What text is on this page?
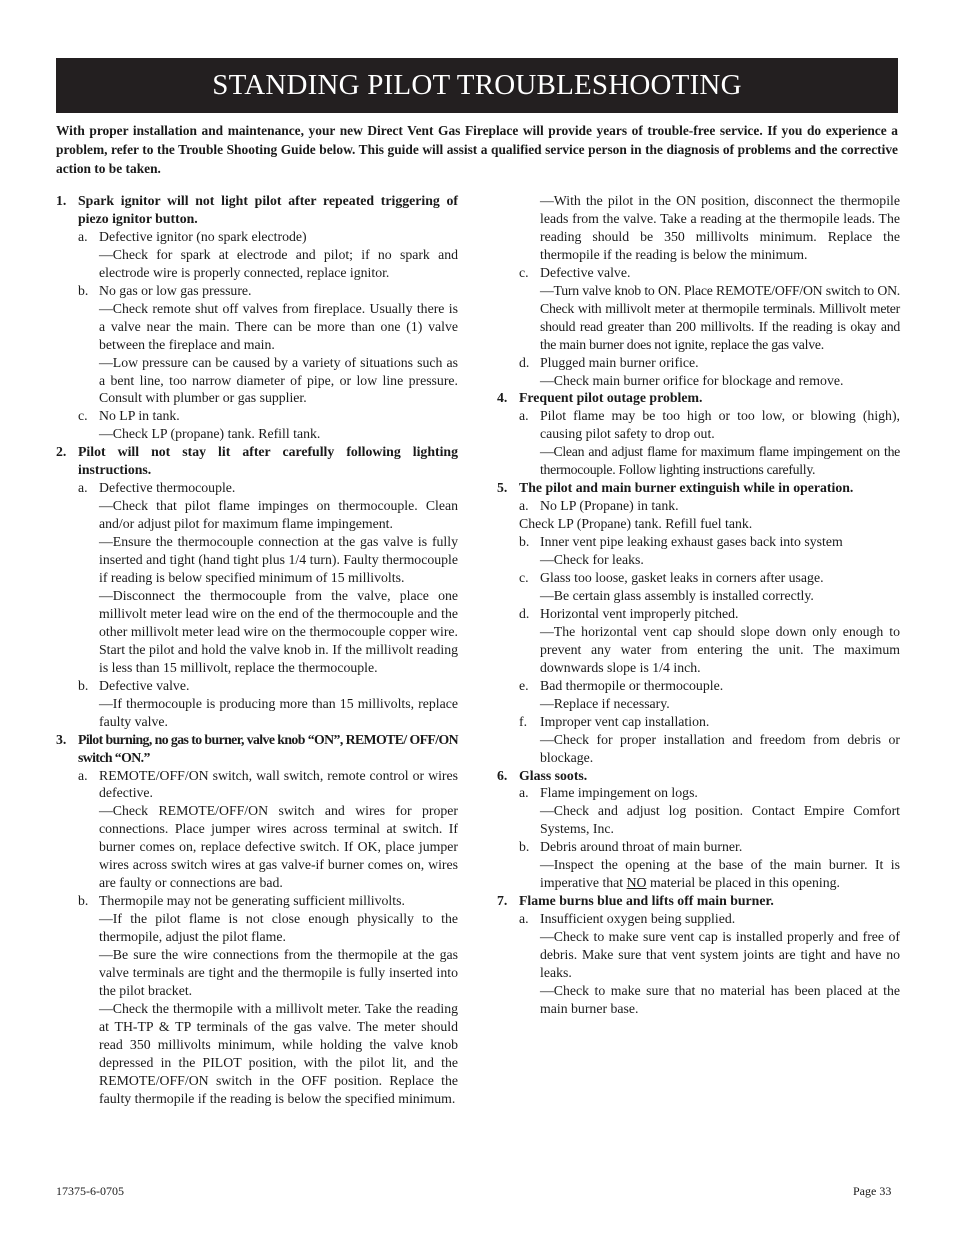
STANDING PILOT TROUBLESHOOTING
With proper installation and maintenance, your new Direct Vent Gas Fireplace will provide years of trouble-free service. If you do experience a problem, refer to the Trouble Shooting Guide below. This guide will assist a qualified service person in the diagnosis of problems and the corrective action to be taken.
1. Spark ignitor will not light pilot after repeated triggering of piezo ignitor button.
a. Defective ignitor (no spark electrode)
—Check for spark at electrode and pilot; if no spark and electrode wire is properly connected, replace ignitor.
b. No gas or low gas pressure.
—Check remote shut off valves from fireplace. Usually there is a valve near the main. There can be more than one (1) valve between the fireplace and main.
—Low pressure can be caused by a variety of situations such as a bent line, too narrow diameter of pipe, or low line pressure. Consult with plumber or gas supplier.
c. No LP in tank.
—Check LP (propane) tank. Refill tank.
2. Pilot will not stay lit after carefully following lighting instructions.
a. Defective thermocouple.
—Check that pilot flame impinges on thermocouple. Clean and/or adjust pilot for maximum flame impingement.
—Ensure the thermocouple connection at the gas valve is fully inserted and tight (hand tight plus 1/4 turn). Faulty thermocouple if reading is below specified minimum of 15 millivolts.
—Disconnect the thermocouple from the valve, place one millivolt meter lead wire on the end of the thermocouple and the other millivolt meter lead wire on the thermocouple copper wire. Start the pilot and hold the valve knob in. If the millivolt reading is less than 15 millivolt, replace the thermocouple.
b. Defective valve.
—If thermocouple is producing more than 15 millivolts, replace faulty valve.
3. Pilot burning, no gas to burner, valve knob “ON”, REMOTE/ OFF/ON switch “ON.”
a. REMOTE/OFF/ON switch, wall switch, remote control or wires defective.
—Check REMOTE/OFF/ON switch and wires for proper connections. Place jumper wires across terminal at switch. If burner comes on, replace defective switch. If OK, place jumper wires across switch wires at gas valve-if burner comes on, wires are faulty or connections are bad.
b. Thermopile may not be generating sufficient millivolts.
—If the pilot flame is not close enough physically to the thermopile, adjust the pilot flame.
—Be sure the wire connections from the thermopile at the gas valve terminals are tight and the thermopile is fully inserted into the pilot bracket.
—Check the thermopile with a millivolt meter. Take the reading at TH-TP & TP terminals of the gas valve. The meter should read 350 millivolts minimum, while holding the valve knob depressed in the PILOT position, with the pilot lit, and the REMOTE/OFF/ON switch in the OFF position. Replace the faulty thermopile if the reading is below the specified minimum.
—With the pilot in the ON position, disconnect the thermopile leads from the valve. Take a reading at the thermopile leads. The reading should be 350 millivolts minimum. Replace the thermopile if the reading is below the minimum.
c. Defective valve.
—Turn valve knob to ON. Place REMOTE/OFF/ON switch to ON. Check with millivolt meter at thermopile terminals. Millivolt meter should read greater than 200 millivolts. If the reading is okay and the main burner does not ignite, replace the gas valve.
d. Plugged main burner orifice.
—Check main burner orifice for blockage and remove.
4. Frequent pilot outage problem.
a. Pilot flame may be too high or too low, or blowing (high), causing pilot safety to drop out.
—Clean and adjust flame for maximum flame impingement on the thermocouple. Follow lighting instructions carefully.
5. The pilot and main burner extinguish while in operation.
a. No LP (Propane) in tank.
Check LP (Propane) tank. Refill fuel tank.
b. Inner vent pipe leaking exhaust gases back into system
—Check for leaks.
c. Glass too loose, gasket leaks in corners after usage.
—Be certain glass assembly is installed correctly.
d. Horizontal vent improperly pitched.
—The horizontal vent cap should slope down only enough to prevent any water from entering the unit. The maximum downwards slope is 1/4 inch.
e. Bad thermopile or thermocouple.
—Replace if necessary.
f. Improper vent cap installation.
—Check for proper installation and freedom from debris or blockage.
6. Glass soots.
a. Flame impingement on logs.
—Check and adjust log position. Contact Empire Comfort Systems, Inc.
b. Debris around throat of main burner.
—Inspect the opening at the base of the main burner. It is imperative that NO material be placed in this opening.
7. Flame burns blue and lifts off main burner.
a. Insufficient oxygen being supplied.
—Check to make sure vent cap is installed properly and free of debris. Make sure that vent system joints are tight and have no leaks.
—Check to make sure that no material has been placed at the main burner base.
17375-6-0705	Page 33
